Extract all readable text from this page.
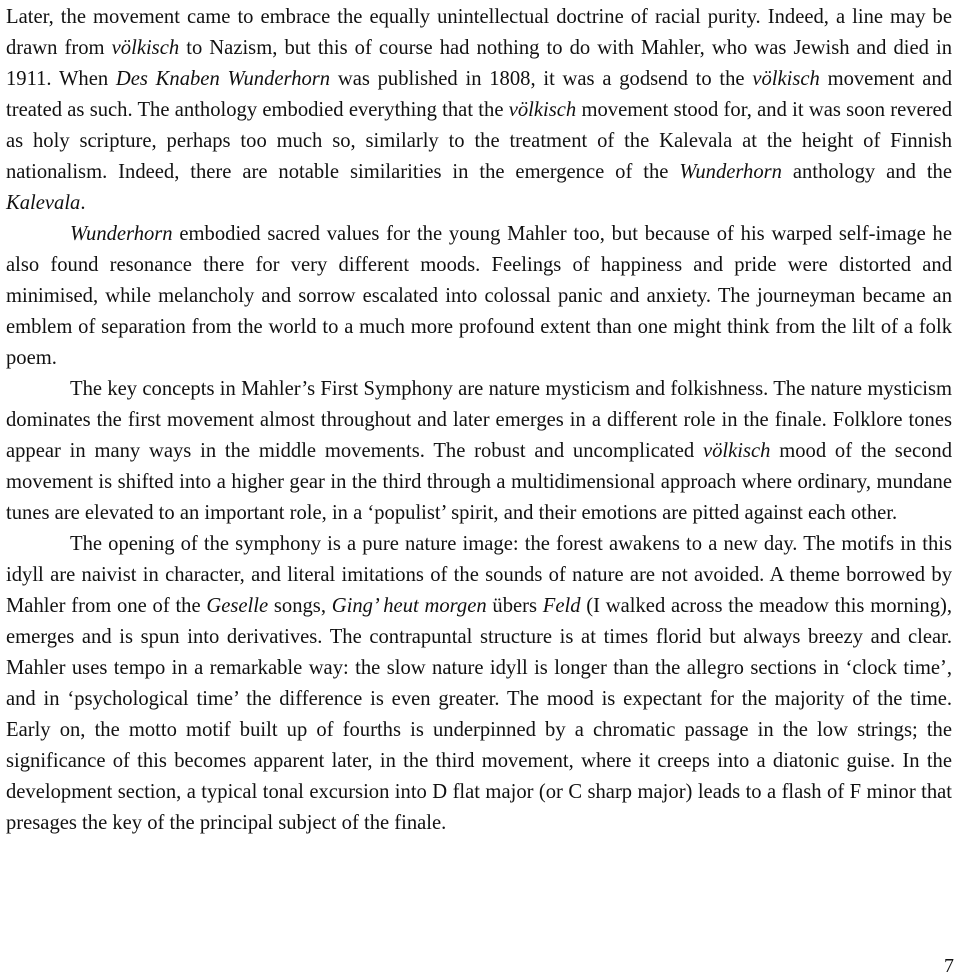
Later, the movement came to embrace the equally unintellectual doctrine of racial purity. Indeed, a line may be drawn from völkisch to Nazism, but this of course had nothing to do with Mahler, who was Jewish and died in 1911. When Des Knaben Wunderhorn was published in 1808, it was a godsend to the völkisch movement and treated as such. The anthology embodied everything that the völkisch movement stood for, and it was soon revered as holy scripture, perhaps too much so, similarly to the treatment of the Kalevala at the height of Finnish nationalism. Indeed, there are notable similarities in the emergence of the Wunderhorn anthology and the Kalevala.

Wunderhorn embodied sacred values for the young Mahler too, but because of his warped self-image he also found resonance there for very different moods. Feelings of happiness and pride were distorted and minimised, while melancholy and sorrow escalated into colossal panic and anxiety. The journeyman became an emblem of separation from the world to a much more profound extent than one might think from the lilt of a folk poem.

The key concepts in Mahler’s First Symphony are nature mysticism and folkishness. The nature mysticism dominates the first movement almost throughout and later emerges in a different role in the finale. Folklore tones appear in many ways in the middle movements. The robust and uncomplicated völkisch mood of the second movement is shifted into a higher gear in the third through a multidimensional approach where ordinary, mundane tunes are elevated to an important role, in a ‘populist’ spirit, and their emotions are pitted against each other.

The opening of the symphony is a pure nature image: the forest awakens to a new day. The motifs in this idyll are naivist in character, and literal imitations of the sounds of nature are not avoided. A theme borrowed by Mahler from one of the Geselle songs, Ging’ heut morgen übers Feld (I walked across the meadow this morning), emerges and is spun into derivatives. The contrapuntal structure is at times florid but always breezy and clear. Mahler uses tempo in a remarkable way: the slow nature idyll is longer than the allegro sections in ‘clock time’, and in ‘psychological time’ the difference is even greater. The mood is expectant for the majority of the time. Early on, the motto motif built up of fourths is underpinned by a chromatic passage in the low strings; the significance of this becomes apparent later, in the third movement, where it creeps into a diatonic guise. In the development section, a typical tonal excursion into D flat major (or C sharp major) leads to a flash of F minor that presages the key of the principal subject of the finale.

7
